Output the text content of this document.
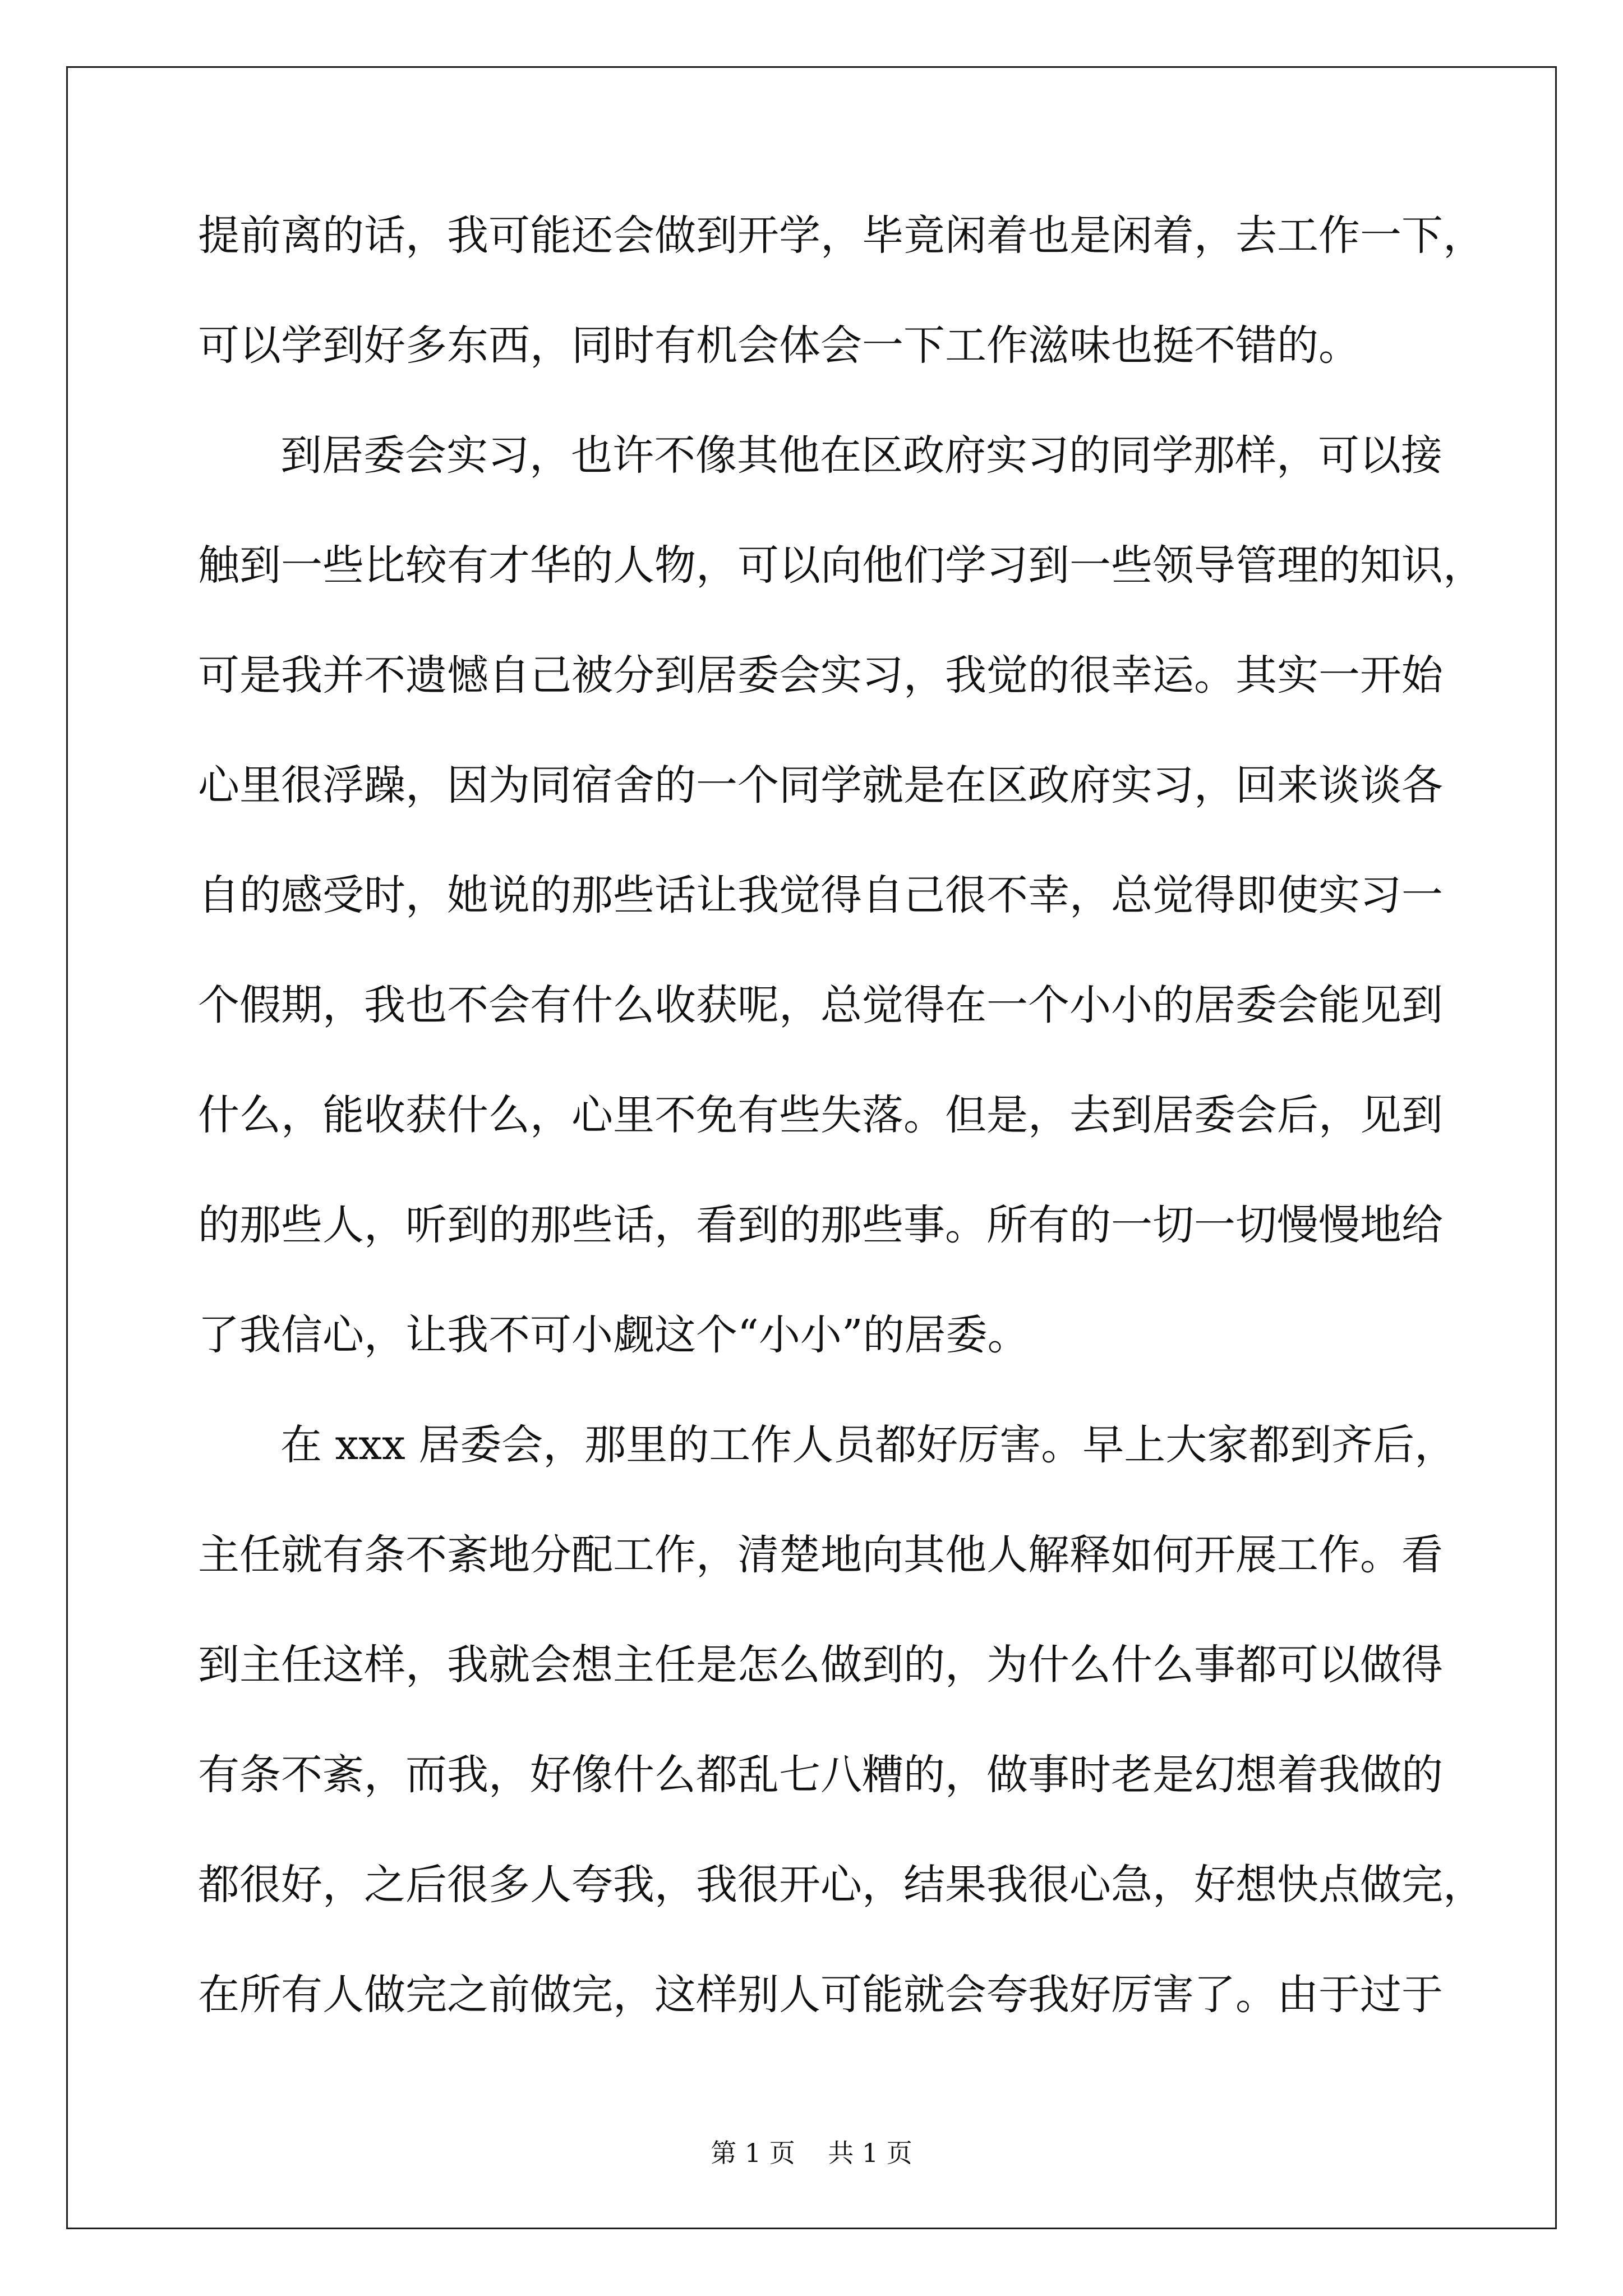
提前离的话，我可能还会做到开学，毕竟闲着也是闲着，去工作一下，
可以学到好多东西，同时有机会体会一下工作滋味也挺不错的。
到居委会实习，也许不像其他在区政府实习的同学那样，可以接
触到一些比较有才华的人物，可以向他们学习到一些领导管理的知识，
可是我并不遗憾自己被分到居委会实习，我觉的很幸运。其实一开始
心里很浮躁，因为同宿舍的一个同学就是在区政府实习，回来谈谈各
自的感受时，她说的那些话让我觉得自己很不幸，总觉得即使实习一
个假期，我也不会有什么收获呢，总觉得在一个小小的居委会能见到
什么，能收获什么，心里不免有些失落。但是，去到居委会后，见到
的那些人，听到的那些话，看到的那些事。所有的一切一切慢慢地给
了我信心，让我不可小觑这个“小小”的居委。
在 xxx 居委会，那里的工作人员都好厉害。早上大家都到齐后，
主任就有条不紊地分配工作，清楚地向其他人解释如何开展工作。看
到主任这样，我就会想主任是怎么做到的，为什么什么事都可以做得
有条不紊，而我，好像什么都乱七八糟的，做事时老是幻想着我做的
都很好，之后很多人夸我，我很开心，结果我很心急，好想快点做完，
在所有人做完之前做完，这样别人可能就会夸我好厉害了。由于过于
第 1 页    共 1 页
